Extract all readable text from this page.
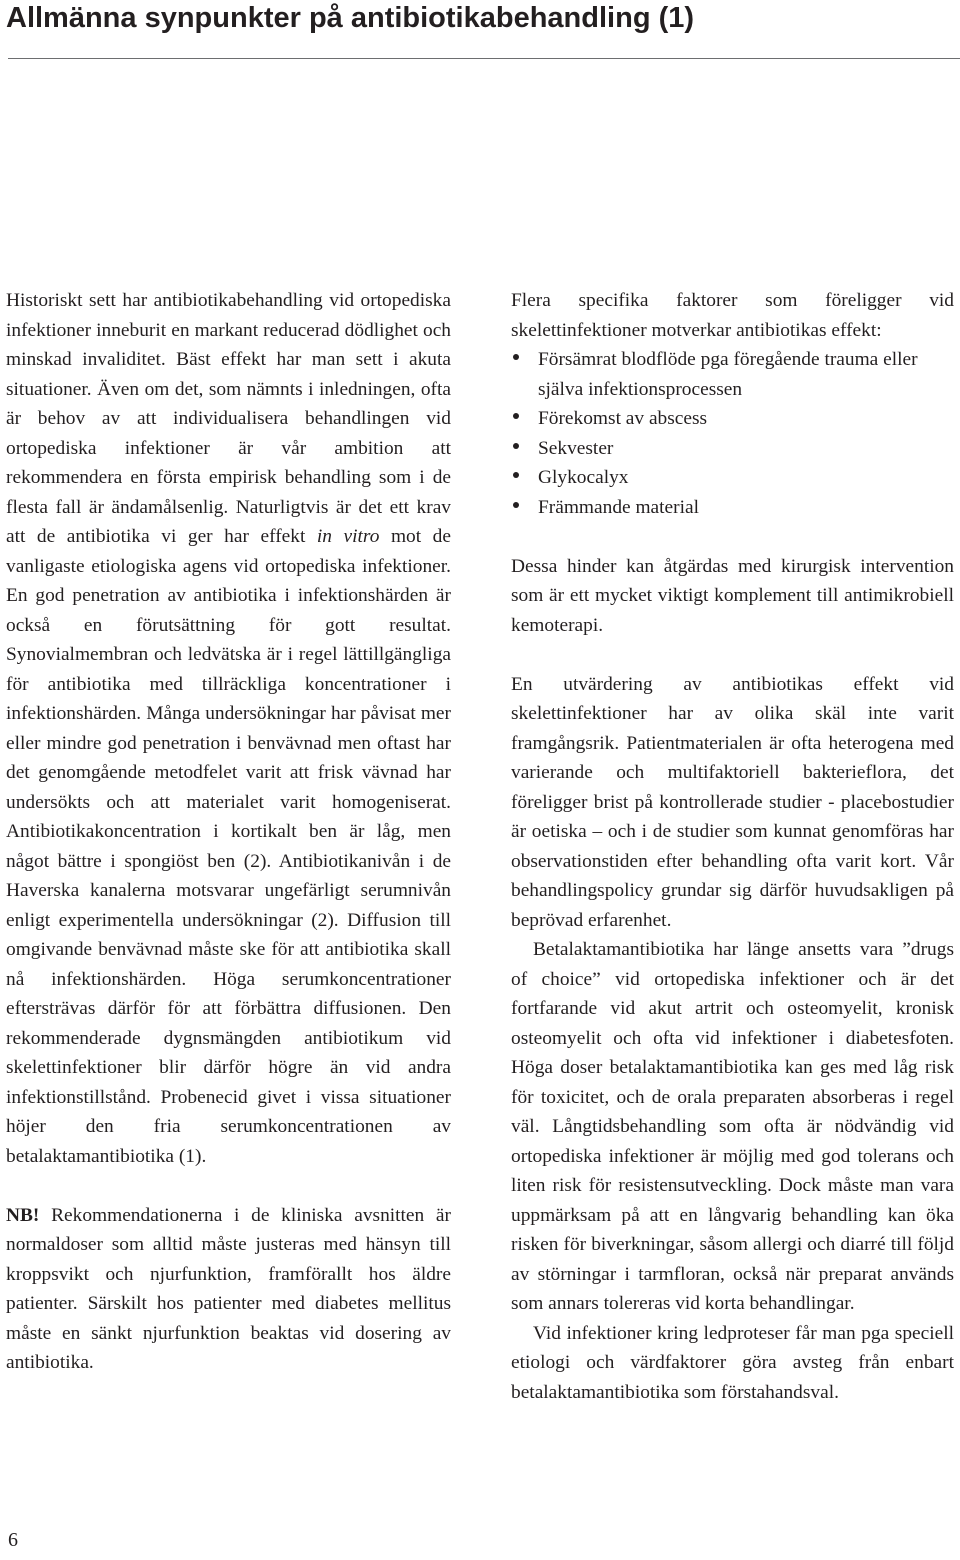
Allmänna synpunkter på antibiotikabehandling (1)

Historiskt sett har antibiotikabehandling vid ortopediska infektioner inneburit en markant reducerad dödlighet och minskad invaliditet. Bäst effekt har man sett i akuta situationer. Även om det, som nämnts i inledningen, ofta är behov av att individualisera behandlingen vid ortopediska infektioner är vår ambition att rekommendera en första empirisk behandling som i de flesta fall är ändamålsenlig. Naturligtvis är det ett krav att de antibiotika vi ger har effekt in vitro mot de vanligaste etiologiska agens vid ortopediska infektioner. En god penetration av antibiotika i infektionshärden är också en förutsättning för gott resultat. Synovialmembran och ledvätska är i regel lättillgängliga för antibiotika med tillräckliga koncentrationer i infektionshärden. Många undersökningar har påvisat mer eller mindre god penetration i benvävnad men oftast har det genomgående metodfelet varit att frisk vävnad har undersökts och att materialet varit homogeniserat. Antibiotikakoncentration i kortikalt ben är låg, men något bättre i spongiöst ben (2). Antibiotikanivån i de Haverska kanalerna motsvarar ungefärligt serumnivån enligt experimentella undersökningar (2). Diffusion till omgivande benvävnad måste ske för att antibiotika skall nå infektionshärden. Höga serumkoncentrationer eftersträvas därför för att förbättra diffusionen. Den rekommenderade dygnsmängden antibiotikum vid skelettinfektioner blir därför högre än vid andra infektionstillstånd. Probenecid givet i vissa situationer höjer den fria serumkoncentrationen av betalaktamantibiotika (1).

NB! Rekommendationerna i de kliniska avsnitten är normaldoser som alltid måste justeras med hänsyn till kroppsvikt och njurfunktion, framförallt hos äldre patienter. Särskilt hos patienter med diabetes mellitus måste en sänkt njurfunktion beaktas vid dosering av antibiotika.

Flera specifika faktorer som föreligger vid skelettinfektioner motverkar antibiotikas effekt:

Försämrat blodflöde pga föregående trauma eller själva infektionsprocessen
Förekomst av abscess
Sekvester
Glykocalyx
Främmande material

Dessa hinder kan åtgärdas med kirurgisk intervention som är ett mycket viktigt komplement till antimikrobiell kemoterapi.

En utvärdering av antibiotikas effekt vid skelettinfektioner har av olika skäl inte varit framgångsrik. Patientmaterialen är ofta heterogena med varierande och multifaktoriell bakterieflora, det föreligger brist på kontrollerade studier - placebostudier är oetiska – och i de studier som kunnat genomföras har observationstiden efter behandling ofta varit kort. Vår behandlingspolicy grundar sig därför huvudsakligen på beprövad erfarenhet.

Betalaktamantibiotika har länge ansetts vara ”drugs of choice” vid ortopediska infektioner och är det fortfarande vid akut artrit och osteomyelit, kronisk osteomyelit och ofta vid infektioner i diabetesfoten. Höga doser betalaktamantibiotika kan ges med låg risk för toxicitet, och de orala preparaten absorberas i regel väl. Långtidsbehandling som ofta är nödvändig vid ortopediska infektioner är möjlig med god tolerans och liten risk för resistensutveckling. Dock måste man vara uppmärksam på att en långvarig behandling kan öka risken för biverkningar, såsom allergi och diarré till följd av störningar i tarmfloran, också när preparat används som annars tolereras vid korta behandlingar.

Vid infektioner kring ledproteser får man pga speciell etiologi och värdfaktorer göra avsteg från enbart betalaktamantibiotika som förstahandsval.

6
